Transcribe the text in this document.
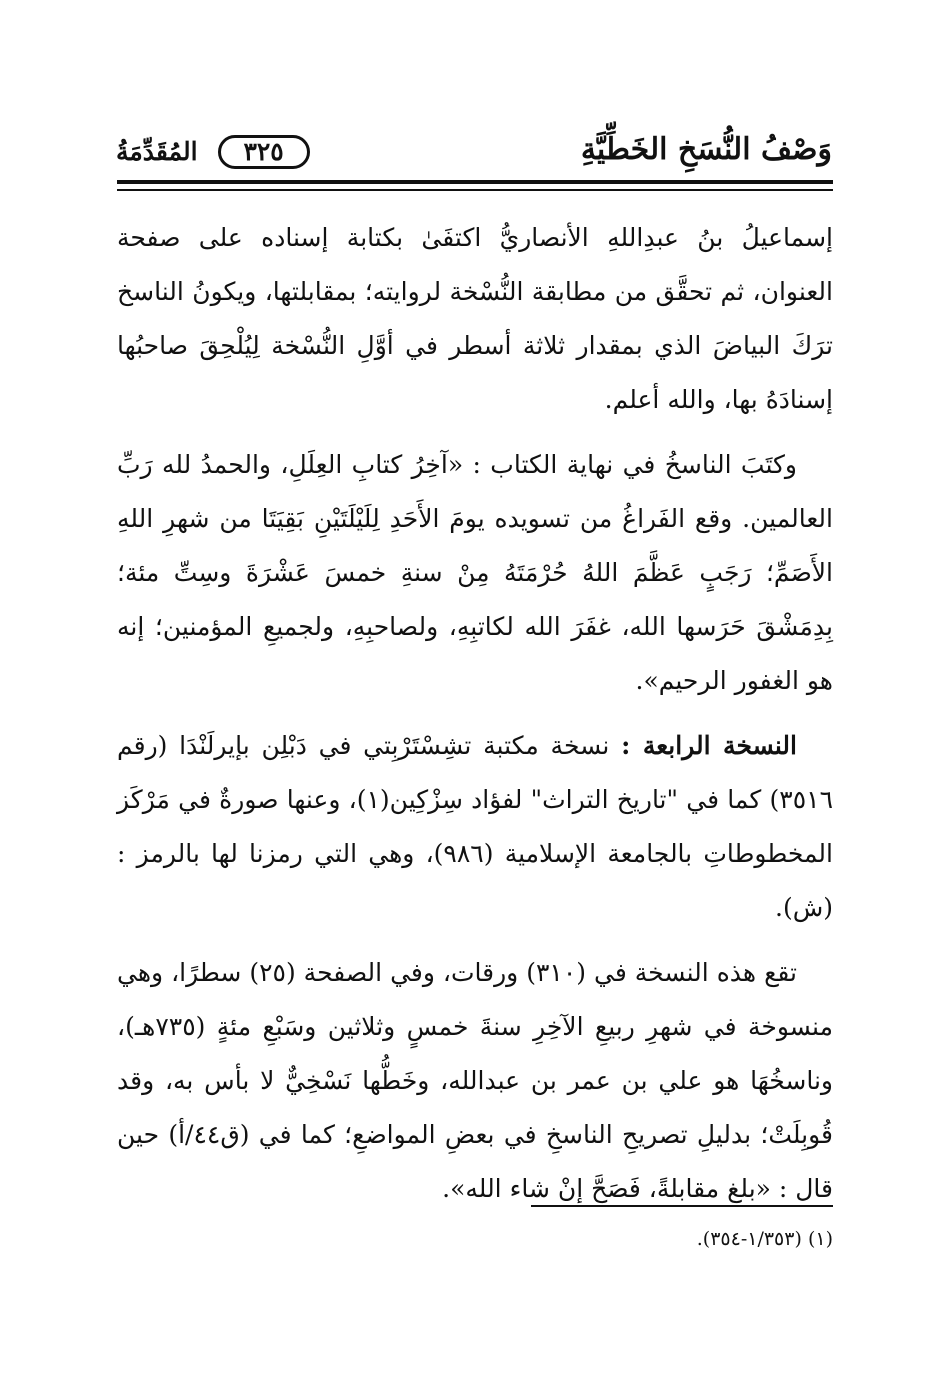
وَصْفُ النُّسَخِ الخَطِّيَّةِ
المُقَدِّمَةُ ٣٢٥

إسماعيلُ بنُ عبدِاللهِ الأنصاريُّ اكتفَىٰ بكتابة إسناده على صفحة العنوان، ثم تحقَّق من مطابقة النُّسْخة لروايته؛ بمقابلتها، ويكونُ الناسخ ترَكَ البياضَ الذي بمقدار ثلاثة أسطر في أوَّلِ النُّسْخة لِيُلْحِقَ صاحبُها إسنادَهُ بها، والله أعلم.

وكتَبَ الناسخُ في نهاية الكتاب : «آخِرُ كتابِ العِلَلِ، والحمدُ لله رَبِّ العالمين. وقع الفَراغُ من تسويده يومَ الأَحَدِ لِلَيْلَتَيْنِ بَقِيَتَا من شهرِ اللهِ الأَصَمِّ؛ رَجَبٍ عَظَّمَ اللهُ حُرْمَتَهُ مِنْ سنةِ خمسَ عَشْرَةَ وسِتِّ مئة؛ بِدِمَشْقَ حَرَسها الله، غفَرَ الله لكاتبِهِ، ولصاحبِهِ، ولجميعِ المؤمنين؛ إنه هو الغفور الرحيم».

النسخة الرابعة : نسخة مكتبة تشِسْتَرْبِتي في دَبْلِن بإيرلَنْدَا (رقم ٣٥١٦) كما في "تاريخ التراث" لفؤاد سِزْكِين(١)، وعنها صورةٌ في مَرْكَز المخطوطاتِ بالجامعة الإسلامية (٩٨٦)، وهي التي رمزنا لها بالرمز : (ش).

تقع هذه النسخة في (٣١٠) ورقات، وفي الصفحة (٢٥) سطرًا، وهي منسوخة في شهرِ ربيعِ الآخِرِ سنةَ خمسٍ وثلاثين وسَبْعِ مئةٍ (٧٣٥هـ)، وناسخُهَا هو علي بن عمر بن عبدالله، وخَطُّها نَسْخِيٌّ لا بأس به، وقد قُوبِلَتْ؛ بدليلِ تصريحِ الناسخِ في بعضِ المواضعِ؛ كما في (ق٤٤/أ) حين قال : «بلغ مقابلةً، فَصَحَّ إنْ شاء الله».

(١) (١/٣٥٣-٣٥٤).
